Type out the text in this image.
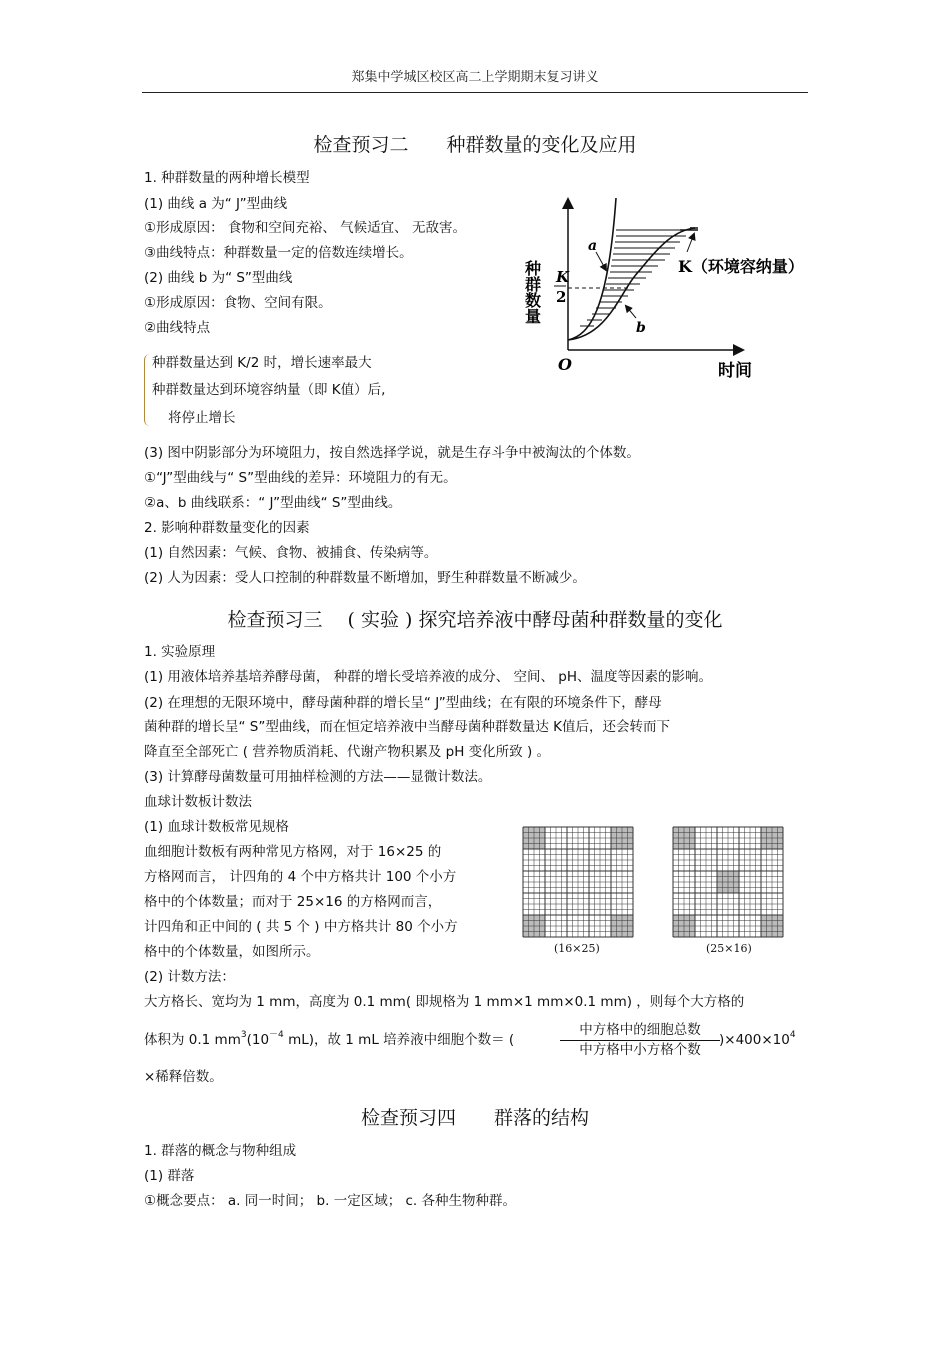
郑集中学城区校区高二上学期期末复习讲义
检查预习二　　种群数量的变化及应用
1. 种群数量的两种增长模型
(1) 曲线 a 为“ J”型曲线
①形成原因： 食物和空间充裕、 气候适宜、 无敌害。
③曲线特点：种群数量一定的倍数连续增长。
(2) 曲线 b 为“ S”型曲线
①形成原因：食物、空间有限。
②曲线特点
种群数量达到 K/2 时，增长速率最大
种群数量达到环境容纳量（即 K值）后,
将停止增长
(3) 图中阴影部分为环境阻力，按自然选择学说，就是生存斗争中被淘汰的个体数。
①“J”型曲线与“ S”型曲线的差异：环境阻力的有无。
②a、b 曲线联系：“ J”型曲线“ S”型曲线。
2. 影响种群数量变化的因素
(1) 自然因素：气候、食物、被捕食、传染病等。
(2) 人为因素：受人口控制的种群数量不断增加，野生种群数量不断减少。
种群数量 K
2
a
b
K（环境容纳量）
O	时间
检查预习三　 ( 实验 ) 探究培养液中酵母菌种群数量的变化
1. 实验原理
(1) 用液体培养基培养酵母菌， 种群的增长受培养液的成分、 空间、 pH、温度等因素的影响。
(2) 在理想的无限环境中，酵母菌种群的增长呈“ J”型曲线；在有限的环境条件下，酵母
菌种群的增长呈“ S”型曲线，而在恒定培养液中当酵母菌种群数量达 K值后，还会转而下
降直至全部死亡 ( 营养物质消耗、代谢产物积累及 pH 变化所致 ) 。
(3) 计算酵母菌数量可用抽样检测的方法——显微计数法。
血球计数板计数法
(1) 血球计数板常见规格
血细胞计数板有两种常见方格网，对于 16×25 的
方格网而言， 计四角的 4 个中方格共计 100 个小方
格中的个体数量；而对于 25×16 的方格网而言，
计四角和正中间的 ( 共 5 个 ) 中方格共计 80 个小方
格中的个体数量，如图所示。
(2) 计数方法：
大方格长、宽均为 1 mm，高度为 0.1 mm( 即规格为 1 mm×1 mm×0.1 mm) ，则每个大方格的
(16×25)	(25×16)
体积为 0.1 $mm^3(10^{-4}$ mL)，故 1 mL 培养液中细胞个数＝ (
中方格中的细胞总数
中方格中小方格个数
)$\times 400\times 10^4$
×稀释倍数。
检查预习四　　群落的结构
1. 群落的概念与物种组成
(1) 群落
①概念要点： a. 同一时间； b. 一定区域； c. 各种生物种群。
